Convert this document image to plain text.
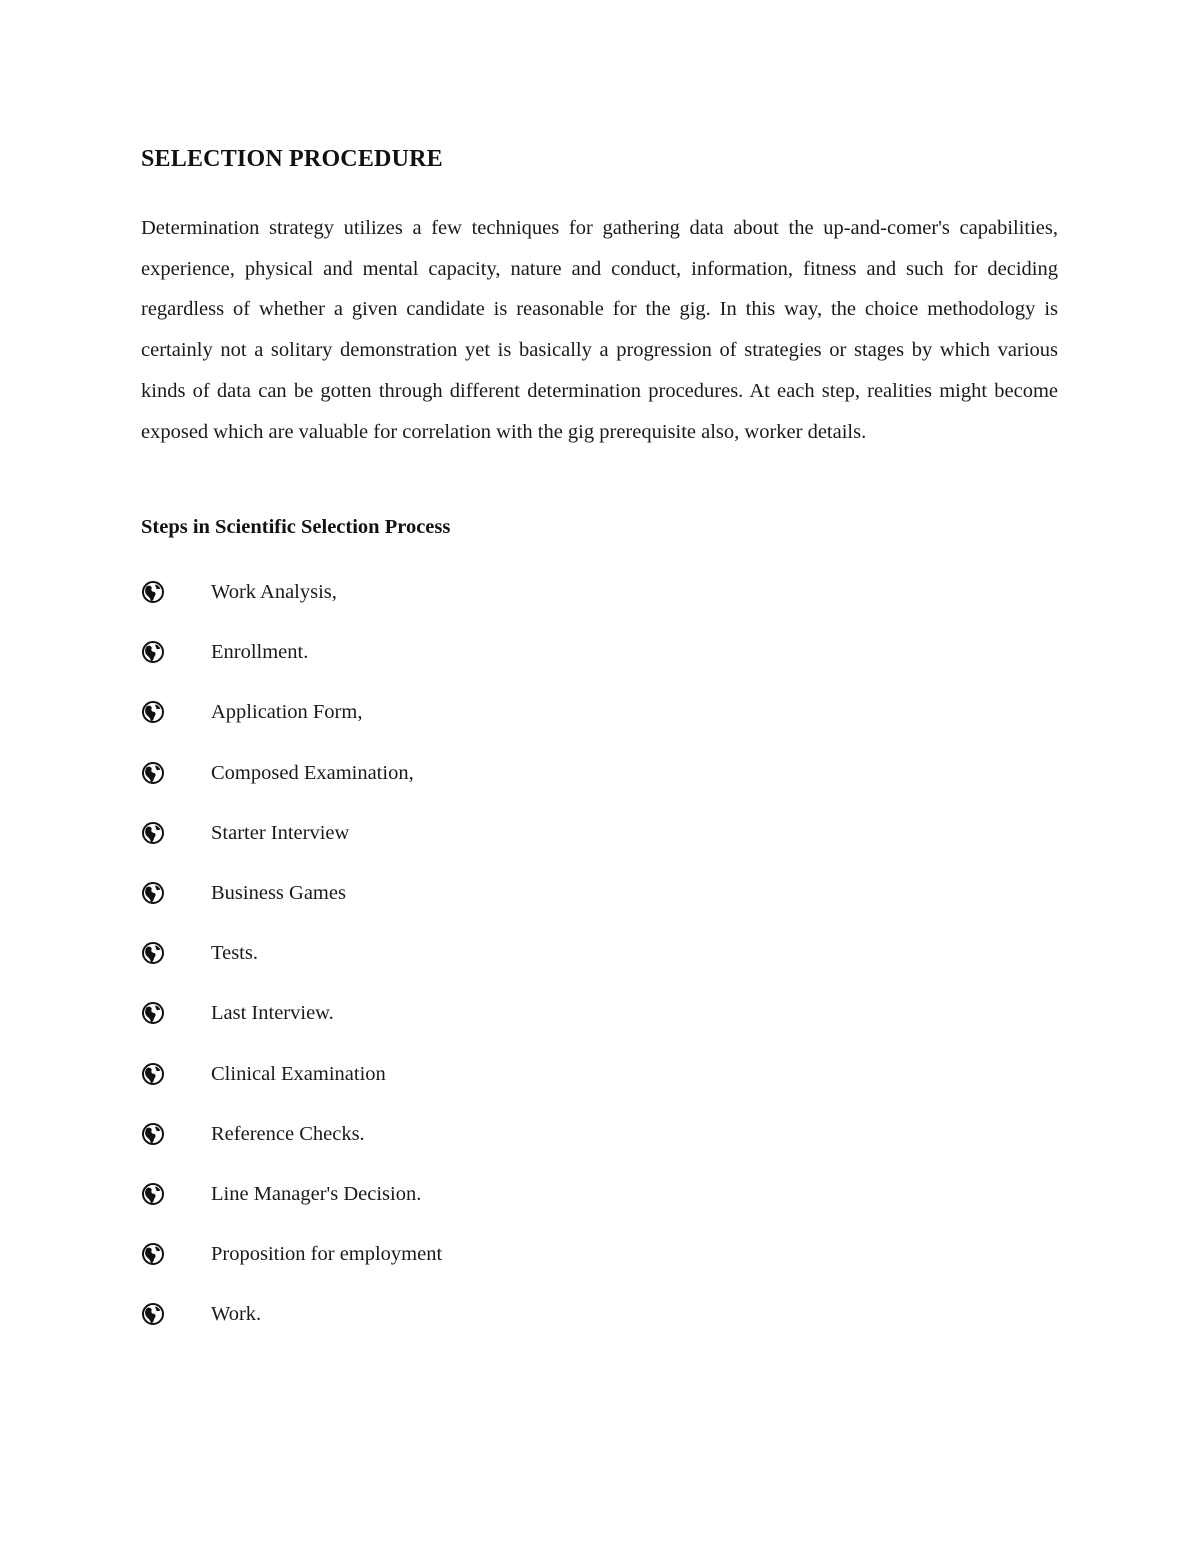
SELECTION PROCEDURE

Determination strategy utilizes a few techniques for gathering data about the up-and-comer's capabilities, experience, physical and mental capacity, nature and conduct, information, fitness and such for deciding regardless of whether a given candidate is reasonable for the gig. In this way, the choice methodology is certainly not a solitary demonstration yet is basically a progression of strategies or stages by which various kinds of data can be gotten through different determination procedures. At each step, realities might become exposed which are valuable for correlation with the gig prerequisite also, worker details.

Steps in Scientific Selection Process
Work Analysis,
Enrollment.
Application Form,
Composed Examination,
Starter Interview
Business Games
Tests.
Last Interview.
Clinical Examination
Reference Checks.
Line Manager's Decision.
Proposition for employment
Work.
